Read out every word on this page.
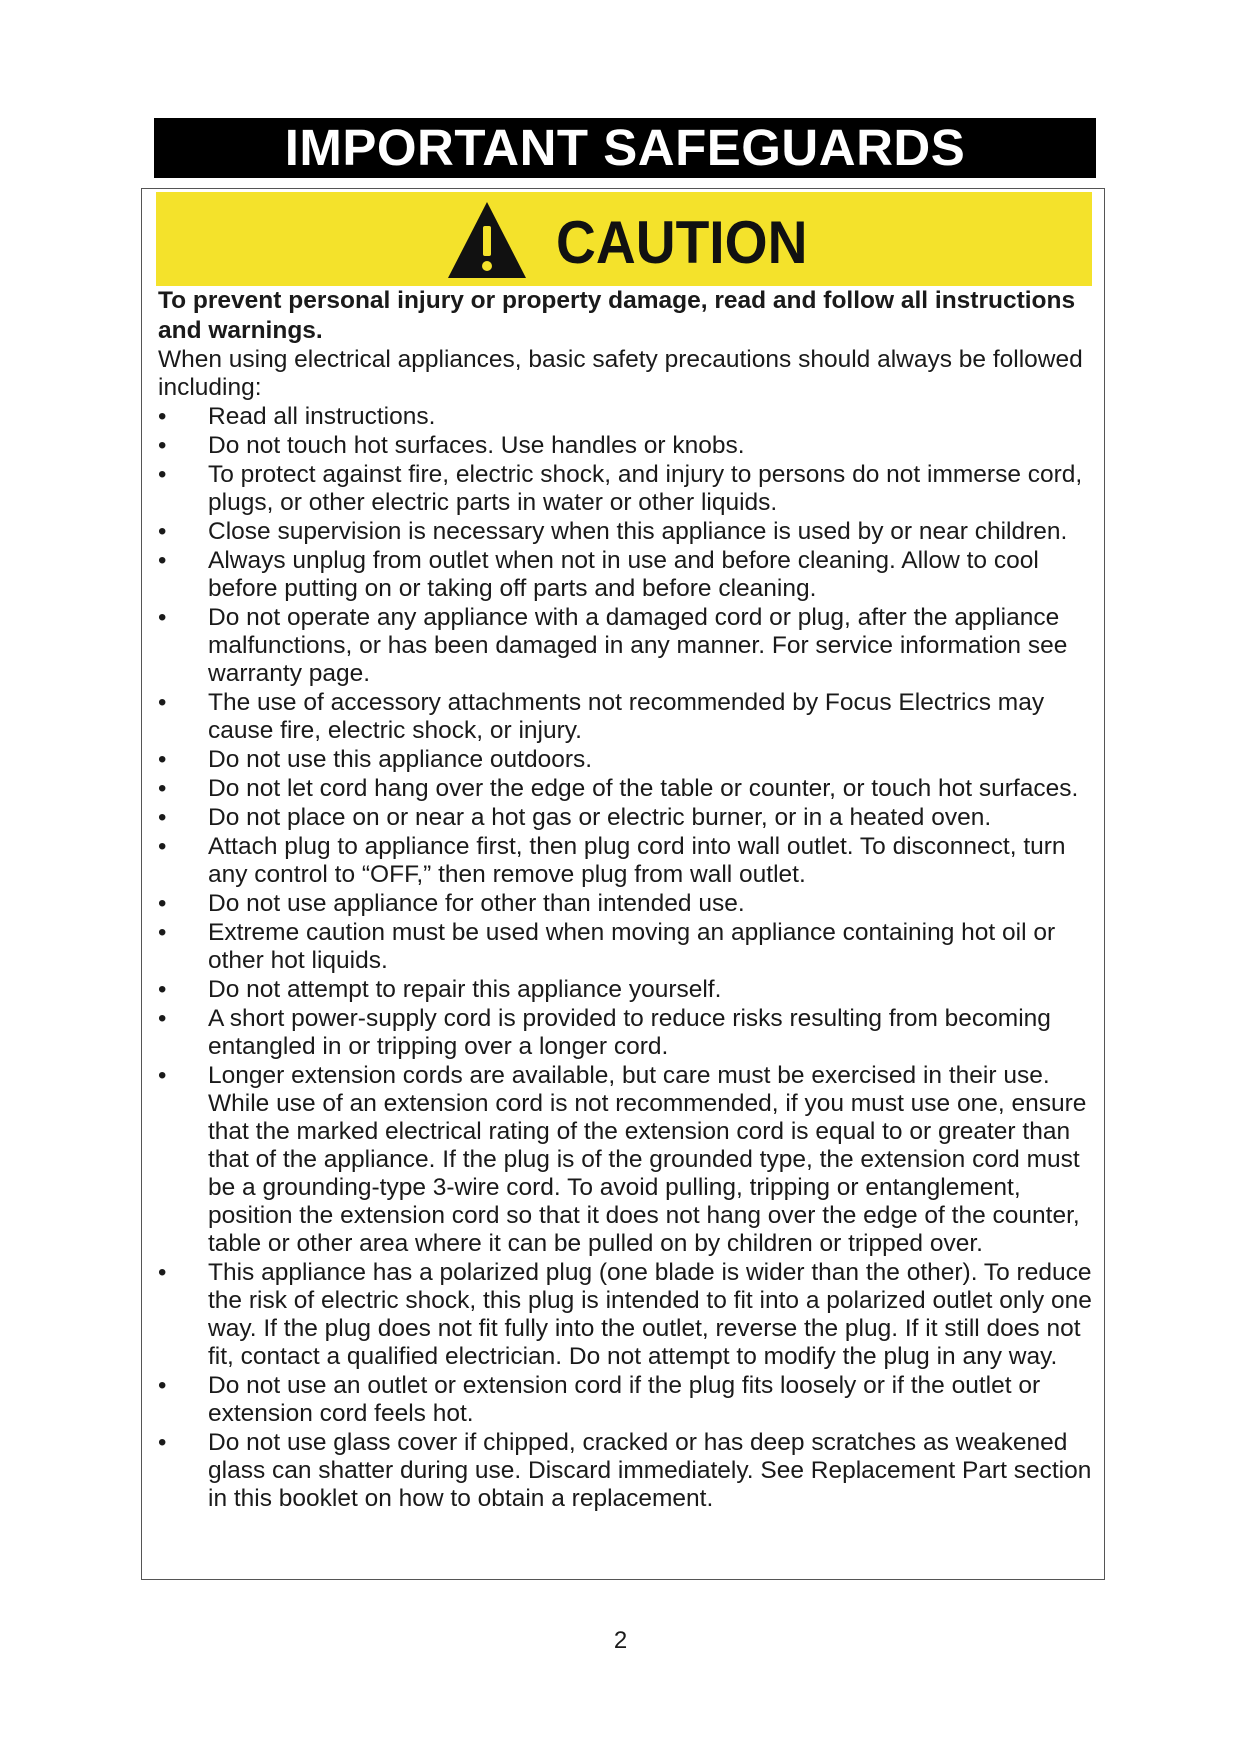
IMPORTANT SAFEGUARDS
CAUTION
To prevent personal injury or property damage, read and follow all instructions and warnings.
When using electrical appliances, basic safety precautions should always be followed including:
• Read all instructions.
• Do not touch hot surfaces. Use handles or knobs.
• To protect against fire, electric shock, and injury to persons do not immerse cord, plugs, or other electric parts in water or other liquids.
• Close supervision is necessary when this appliance is used by or near children.
• Always unplug from outlet when not in use and before cleaning. Allow to cool before putting on or taking off parts and before cleaning.
• Do not operate any appliance with a damaged cord or plug, after the appliance malfunctions, or has been damaged in any manner. For service information see warranty page.
• The use of accessory attachments not recommended by Focus Electrics may cause fire, electric shock, or injury.
• Do not use this appliance outdoors.
• Do not let cord hang over the edge of the table or counter, or touch hot surfaces.
• Do not place on or near a hot gas or electric burner, or in a heated oven.
• Attach plug to appliance first, then plug cord into wall outlet. To disconnect, turn any control to “OFF,” then remove plug from wall outlet.
• Do not use appliance for other than intended use.
• Extreme caution must be used when moving an appliance containing hot oil or other hot liquids.
• Do not attempt to repair this appliance yourself.
• A short power-supply cord is provided to reduce risks resulting from becoming entangled in or tripping over a longer cord.
• Longer extension cords are available, but care must be exercised in their use. While use of an extension cord is not recommended, if you must use one, ensure that the marked electrical rating of the extension cord is equal to or greater than that of the appliance. If the plug is of the grounded type, the extension cord must be a grounding-type 3-wire cord. To avoid pulling, tripping or entanglement, position the extension cord so that it does not hang over the edge of the counter, table or other area where it can be pulled on by children or tripped over.
• This appliance has a polarized plug (one blade is wider than the other). To reduce the risk of electric shock, this plug is intended to fit into a polarized outlet only one way. If the plug does not fit fully into the outlet, reverse the plug. If it still does not fit, contact a qualified electrician. Do not attempt to modify the plug in any way.
• Do not use an outlet or extension cord if the plug fits loosely or if the outlet or extension cord feels hot.
• Do not use glass cover if chipped, cracked or has deep scratches as weakened glass can shatter during use. Discard immediately. See Replacement Part section in this booklet on how to obtain a replacement.
2
